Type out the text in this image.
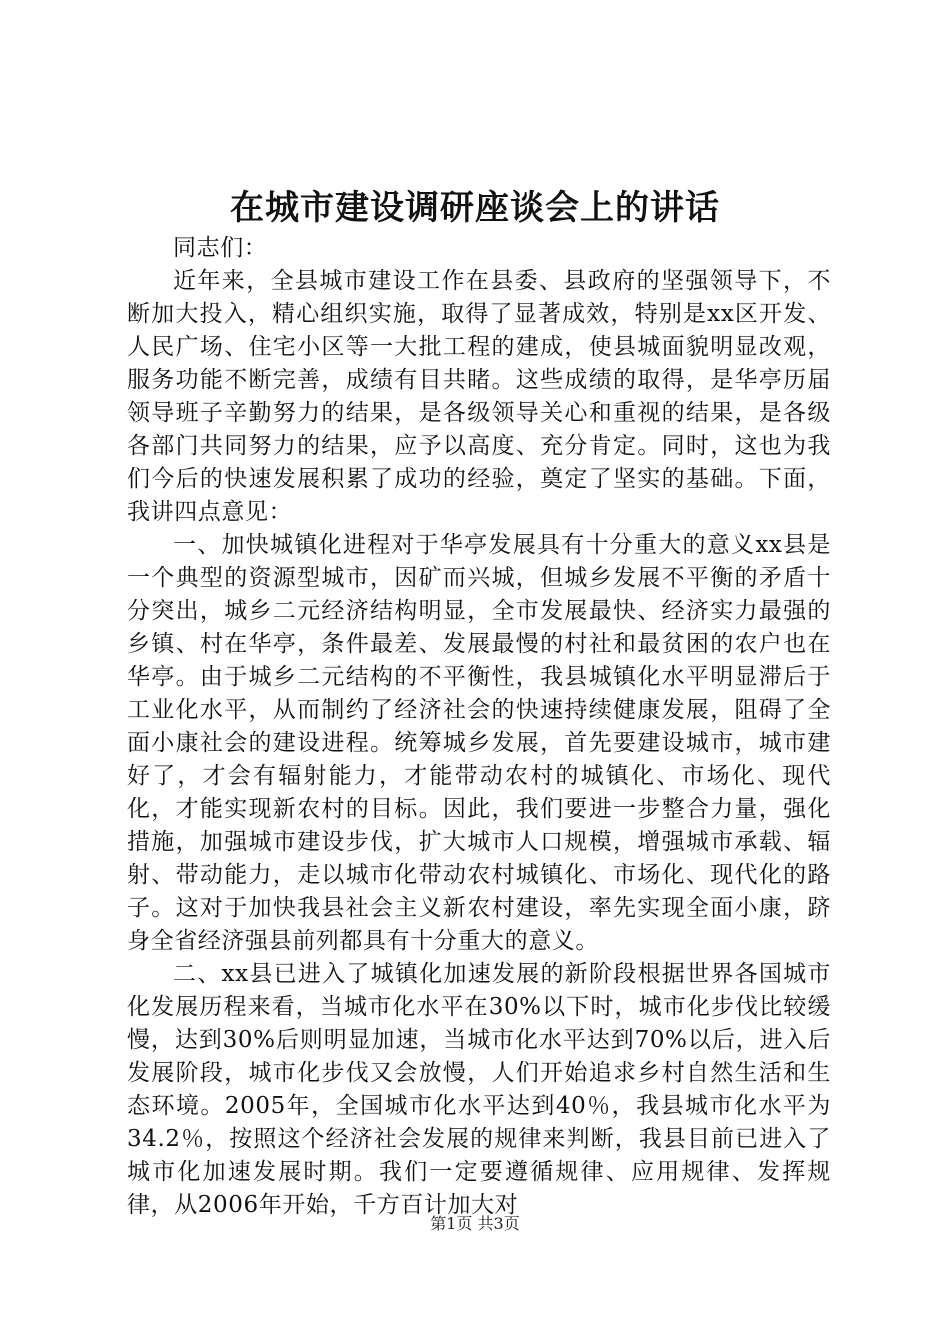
在城市建设调研座谈会上的讲话

同志们：

近年来，全县城市建设工作在县委、县政府的坚强领导下，不断加大投入，精心组织实施，取得了显著成效，特别是xx区开发、人民广场、住宅小区等一大批工程的建成，使县城面貌明显改观，服务功能不断完善，成绩有目共睹。这些成绩的取得，是华亭历届领导班子辛勤努力的结果，是各级领导关心和重视的结果，是各级各部门共同努力的结果，应予以高度、充分肯定。同时，这也为我们今后的快速发展积累了成功的经验，奠定了坚实的基础。下面，我讲四点意见：

一、加快城镇化进程对于华亭发展具有十分重大的意义xx县是一个典型的资源型城市，因矿而兴城，但城乡发展不平衡的矛盾十分突出，城乡二元经济结构明显，全市发展最快、经济实力最强的乡镇、村在华亭，条件最差、发展最慢的村社和最贫困的农户也在华亭。由于城乡二元结构的不平衡性，我县城镇化水平明显滞后于工业化水平，从而制约了经济社会的快速持续健康发展，阻碍了全面小康社会的建设进程。统筹城乡发展，首先要建设城市，城市建好了，才会有辐射能力，才能带动农村的城镇化、市场化、现代化，才能实现新农村的目标。因此，我们要进一步整合力量，强化措施，加强城市建设步伐，扩大城市人口规模，增强城市承载、辐射、带动能力，走以城市化带动农村城镇化、市场化、现代化的路子。这对于加快我县社会主义新农村建设，率先实现全面小康，跻身全省经济强县前列都具有十分重大的意义。

二、xx县已进入了城镇化加速发展的新阶段根据世界各国城市化发展历程来看，当城市化水平在30%以下时，城市化步伐比较缓慢，达到30%后则明显加速，当城市化水平达到70%以后，进入后发展阶段，城市化步伐又会放慢，人们开始追求乡村自然生活和生态环境。2005年，全国城市化水平达到40％，我县城市化水平为34.2％，按照这个经济社会发展的规律来判断，我县目前已进入了城市化加速发展时期。我们一定要遵循规律、应用规律、发挥规律，从2006年开始，千方百计加大对

第1页 共3页
